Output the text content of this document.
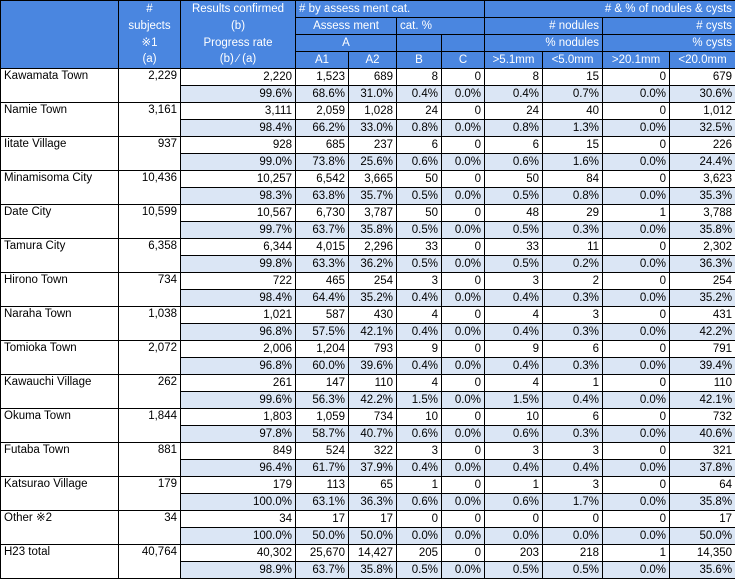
	#	Results confirmed	# by assess ment cat.				# & % of nodules & cysts			
	subjects	(b)	Assess ment		cat. %		# nodules		# cysts	
	※1	Progress rate	A				% nodules		% cysts	
	(a)	(b) ∕ (a)	A1	A2	B	C	>5.1mm	<5.0mm	>20.1mm	<20.0mm
Kawamata Town	2,229	2,220	1,523	689	8	0	8	15	0	679
		99.6%	68.6%	31.0%	0.4%	0.0%	0.4%	0.7%	0.0%	30.6%
Namie Town	3,161	3,111	2,059	1,028	24	0	24	40	0	1,012
		98.4%	66.2%	33.0%	0.8%	0.0%	0.8%	1.3%	0.0%	32.5%
Iitate Village	937	928	685	237	6	0	6	15	0	226
		99.0%	73.8%	25.6%	0.6%	0.0%	0.6%	1.6%	0.0%	24.4%
Minamisoma City	10,436	10,257	6,542	3,665	50	0	50	84	0	3,623
		98.3%	63.8%	35.7%	0.5%	0.0%	0.5%	0.8%	0.0%	35.3%
Date City	10,599	10,567	6,730	3,787	50	0	48	29	1	3,788
		99.7%	63.7%	35.8%	0.5%	0.0%	0.5%	0.3%	0.0%	35.8%
Tamura City	6,358	6,344	4,015	2,296	33	0	33	11	0	2,302
		99.8%	63.3%	36.2%	0.5%	0.0%	0.5%	0.2%	0.0%	36.3%
Hirono Town	734	722	465	254	3	0	3	2	0	254
		98.4%	64.4%	35.2%	0.4%	0.0%	0.4%	0.3%	0.0%	35.2%
Naraha Town	1,038	1,021	587	430	4	0	4	3	0	431
		96.8%	57.5%	42.1%	0.4%	0.0%	0.4%	0.3%	0.0%	42.2%
Tomioka Town	2,072	2,006	1,204	793	9	0	9	6	0	791
		96.8%	60.0%	39.6%	0.4%	0.0%	0.4%	0.3%	0.0%	39.4%
Kawauchi Village	262	261	147	110	4	0	4	1	0	110
		99.6%	56.3%	42.2%	1.5%	0.0%	1.5%	0.4%	0.0%	42.1%
Okuma Town	1,844	1,803	1,059	734	10	0	10	6	0	732
		97.8%	58.7%	40.7%	0.6%	0.0%	0.6%	0.3%	0.0%	40.6%
Futaba Town	881	849	524	322	3	0	3	3	0	321
		96.4%	61.7%	37.9%	0.4%	0.0%	0.4%	0.4%	0.0%	37.8%
Katsurao Village	179	179	113	65	1	0	1	3	0	64
		100.0%	63.1%	36.3%	0.6%	0.0%	0.6%	1.7%	0.0%	35.8%
Other ※2	34	34	17	17	0	0	0	0	0	17
		100.0%	50.0%	50.0%	0.0%	0.0%	0.0%	0.0%	0.0%	50.0%
H23 total	40,764	40,302	25,670	14,427	205	0	203	218	1	14,350
		98.9%	63.7%	35.8%	0.5%	0.0%	0.5%	0.5%	0.0%	35.6%
